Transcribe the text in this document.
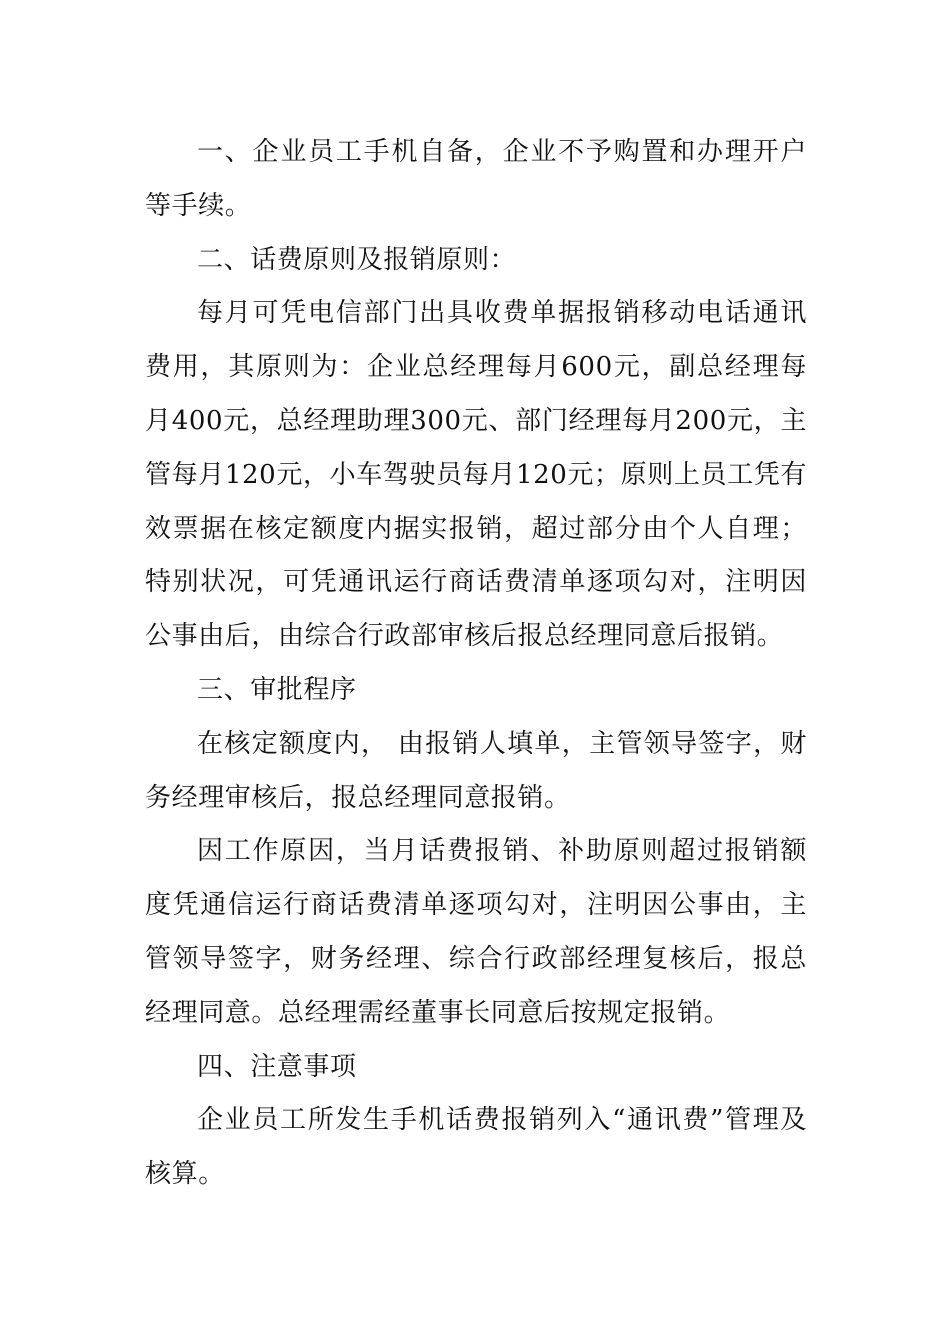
一、企业员工手机自备，企业不予购置和办理开户等手续。

二、话费原则及报销原则：

每月可凭电信部门出具收费单据报销移动电话通讯费用，其原则为：企业总经理每月600元，副总经理每月400元，总经理助理300元、部门经理每月200元，主管每月120元，小车驾驶员每月120元；原则上员工凭有效票据在核定额度内据实报销，超过部分由个人自理；特别状况，可凭通讯运行商话费清单逐项勾对，注明因公事由后，由综合行政部审核后报总经理同意后报销。

三、审批程序

在核定额度内， 由报销人填单，主管领导签字，财务经理审核后，报总经理同意报销。

因工作原因，当月话费报销、补助原则超过报销额度凭通信运行商话费清单逐项勾对，注明因公事由，主管领导签字，财务经理、综合行政部经理复核后，报总经理同意。总经理需经董事长同意后按规定报销。

四、注意事项

企业员工所发生手机话费报销列入“通讯费”管理及核算。
